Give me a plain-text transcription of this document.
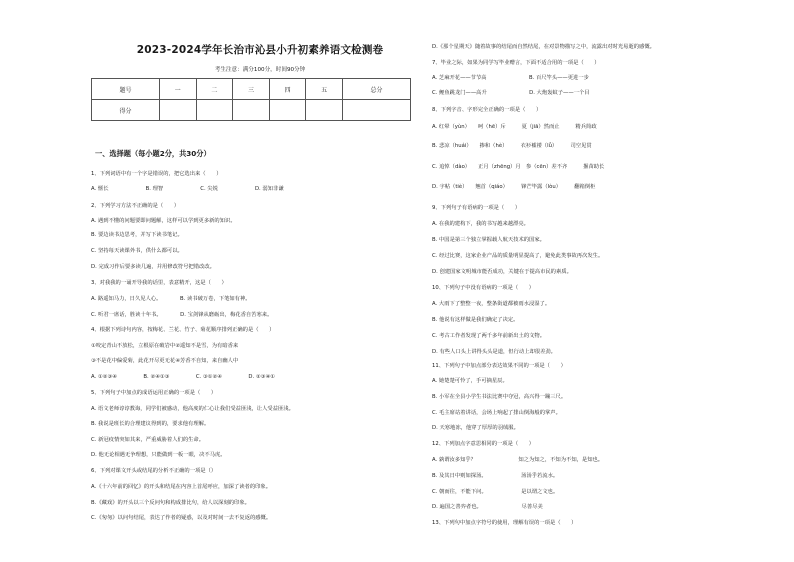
2023-2024学年长治市沁县小升初素养语文检测卷
考生注意：满分100分，时间90分钟
题号	一	二	三	四	五	总分
得分						
一、选择题（每小题2分，共30分）
1、下列词语中有一个字是错误的，把它选出来（　　）
A. 惬长　　　　　　　B. 理智　　　　　　　C. 尖锐　　　　　　　D. 弱知非谦
2、下列学习方法不正确的是（　　）
A. 遇到不懂的问题要即问题解，这样可以学到更多新的知识。
B. 要边读书边思考，并写下读书笔记。
C. 坚持每天读课外书，供什么都可以。
D. 完成习作后要多读几遍，并用修改符号把错改改。
3、对我我的一诵开导我的话里，表意精开，这是（　　）
A. 路遥知马力，日久见人心。　　　　B. 读书破万卷，下笔如有神。
C. 听君一席话，胜读十年书。　　　　D. 宝剑锋从磨砺出，梅花香自苦寒来。
4、根据下列诗句内容，按梅花、兰花、竹子、菊花顺序排列正确的是（　　）
①咬定青山不放松，立根原在破岩中②遥知不是雪，为有暗香来
③不是花中偏爱菊，此花开尽更无花④芳香不自知，来自幽人中
A. ①②③④　　　　　B. ②④①③　　　　　C. ③①②④　　　　　D. ②③④①
5、下列句子中加点的成语运用正确的一项是（　　）
A. 语文老师谆谆教诲，同学们被感动，他高度的仁心让我们受益匪浅，让人受益匪浅。
B. 我说是班长的合理建议得到的，要求他有理解。
C. 新冠疫情突如其来，严重威胁着人们的生命。
D. 他无论相遇无争理想，只能做到一板一眼，决不马虎。
6、下列对课文开头或结尾的分析不正确的一项是（）
A.《十六年前的回忆》的开头和结尾在内容上首尾呼应，加深了读者的印象。
B.《藏戏》的开头以三个反问句和构成排比句，给人以深刻的印象。
C.《匆匆》以问句结尾，表达了作者的疑惑，以及对时间一去不复返的感慨。
D.《那个星期天》随着故事的结尾而自然结尾，在对景物描写之中，流露出对时光易逝的感慨。
7、毕业之际，如果为同学写毕业赠言，下面不适合用的一项是（　　）
A. 芝麻开花——节节高　　　　　　　　B. 百尺竿头——更进一步
C. 鲤鱼跳龙门——高升　　　　　　　　D. 大炮轰蚊子——一个目
8、下列字音、字形完全正确的一项是（　　）
A. 红晕（yùn）　　呵（hē）斥　　　夏（jiā）然而止　　　精兵简政
B. 悲凉（huái）　　掺和（hè）　　　衣衫褴褛（lǚ）　　　司空见贯
C. 追悼（dào）　　正月（zhēng）月　参（cēn）差不齐　　　揠苗助长
D. 字帖（tiè）　　翘首（qiáo）　　　锋芒毕露（lòu）　　　翻箱倒柜
9、下列句子有语病的一项是（　　）
A. 在我的建构下，我的书写越来越漂亮。
B. 中国是第三个独立掌握载人航天技术的国家。
C. 经过比赛，这家企业产品的质量明显提高了，避免此类事故再次发生。
D. 创建国家文明城市能否成功，关键在于提高市民的素质。
10、下列句子中没有语病的一项是（　　）
A. 大雨下了整整一夜，整条街道都被雨水浸湿了。
B. 他说有这样做是我们确定了决定。
C. 考古工作者发现了两千多年前新出土的文物。
D. 有些人口头上讲得头头是道，但行动上却很差劲。
11、下列句子中加点部分表达效果不同的一项是（　　）
A. 她楚楚可怜了，手可摘星辰。
B. 小军在全县小学生书法比赛中夺冠，高兴得一蹦三尺。
C. 毛主席站着讲话，会场上响起了排山倒海般的掌声。
D. 天寒地冻，他穿了厚厚的羽绒服。
12、下列加点字意思相同的一项是（　　）
A. 孰谓汝多知乎？　　　　　　　　知之为知之，不知为不知，是知也。
B. 及其日中则如探汤。　　　　　　　汤汤乎若流水。
C. 朝而往，不能下问。　　　　　　　是以谓之文也。
D. 遍国之善弈者也。　　　　　　　　尽善尽美
13、下列句中加点字符号的使用，理解有误的一项是（　　）
